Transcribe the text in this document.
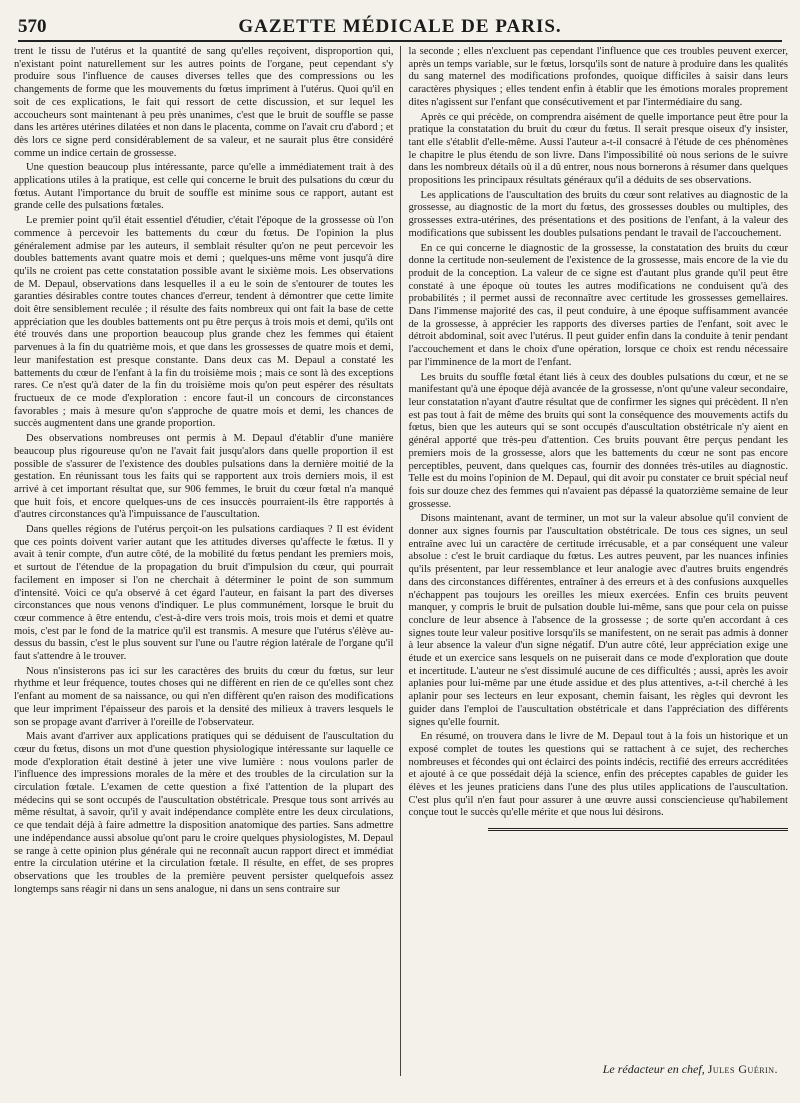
570	GAZETTE MÉDICALE DE PARIS.

trent le tissu de l'utérus et la quantité de sang qu'elles reçoivent, disproportion qui, n'existant point naturellement sur les autres points de l'organe, peut cependant s'y produire sous l'influence de causes diverses telles que des compressions ou les changements de forme que les mouvements du fœtus impriment à l'utérus. Quoi qu'il en soit de ces explications, le fait qui ressort de cette discussion, et sur lequel les accoucheurs sont maintenant à peu près unanimes, c'est que le bruit de souffle se passe dans les artères utérines dilatées et non dans le placenta, comme on l'avait cru d'abord ; et dès lors ce signe perd considérablement de sa valeur, et ne saurait plus être considéré comme un indice certain de grossesse.

Une question beaucoup plus intéressante, parce qu'elle a immédiatement trait à des applications utiles à la pratique, est celle qui concerne le bruit des pulsations du cœur du fœtus. Autant l'importance du bruit de souffle est minime sous ce rapport, autant est grande celle des pulsations fœtales.

Le premier point qu'il était essentiel d'étudier, c'était l'époque de la grossesse où l'on commence à percevoir les battements du cœur du fœtus. De l'opinion la plus généralement admise par les auteurs, il semblait résulter qu'on ne peut percevoir les doubles battements avant quatre mois et demi ; quelques-uns même vont jusqu'à dire qu'ils ne croient pas cette constatation possible avant le sixième mois. Les observations de M. Depaul, observations dans lesquelles il a eu le soin de s'entourer de toutes les garanties désirables contre toutes chances d'erreur, tendent à démontrer que cette limite doit être sensiblement reculée ; il résulte des faits nombreux qui ont fait la base de cette appréciation que les doubles battements ont pu être perçus à trois mois et demi, qu'ils ont été trouvés dans une proportion beaucoup plus grande chez les femmes qui étaient parvenues à la fin du quatrième mois, et que dans les grossesses de quatre mois et demi, leur manifestation est presque constante. Dans deux cas M. Depaul a constaté les battements du cœur de l'enfant à la fin du troisième mois ; mais ce sont là des exceptions rares. Ce n'est qu'à dater de la fin du troisième mois qu'on peut espérer des résultats fructueux de ce mode d'exploration : encore faut-il un concours de circonstances favorables ; mais à mesure qu'on s'approche de quatre mois et demi, les chances de succès augmentent dans une grande proportion.

Des observations nombreuses ont permis à M. Depaul d'établir d'une manière beaucoup plus rigoureuse qu'on ne l'avait fait jusqu'alors dans quelle proportion il est possible de s'assurer de l'existence des doubles pulsations dans la dernière moitié de la gestation. En réunissant tous les faits qui se rapportent aux trois derniers mois, il est arrivé à cet important résultat que, sur 906 femmes, le bruit du cœur fœtal n'a manqué que huit fois, et encore quelques-uns de ces insuccès pourraient-ils être rapportés à d'autres circonstances qu'à l'impuissance de l'auscultation.

Dans quelles régions de l'utérus perçoit-on les pulsations cardiaques ? Il est évident que ces points doivent varier autant que les attitudes diverses qu'affecte le fœtus. Il y avait à tenir compte, d'un autre côté, de la mobilité du fœtus pendant les premiers mois, et surtout de l'étendue de la propagation du bruit d'impulsion du cœur, qui pourrait facilement en imposer si l'on ne cherchait à déterminer le point de son summum d'intensité. Voici ce qu'a observé à cet égard l'auteur, en faisant la part des diverses circonstances que nous venons d'indiquer. Le plus communément, lorsque le bruit du cœur commence à être entendu, c'est-à-dire vers trois mois, trois mois et demi et quatre mois, c'est par le fond de la matrice qu'il est transmis. A mesure que l'utérus s'élève au-dessus du bassin, c'est le plus souvent sur l'une ou l'autre région latérale de l'organe qu'il faut s'attendre à le trouver.

Nous n'insisterons pas ici sur les caractères des bruits du cœur du fœtus, sur leur rhythme et leur fréquence, toutes choses qui ne diffèrent en rien de ce qu'elles sont chez l'enfant au moment de sa naissance, ou qui n'en diffèrent qu'en raison des modifications que leur impriment l'épaisseur des parois et la densité des milieux à travers lesquels le son se propage avant d'arriver à l'oreille de l'observateur.

Mais avant d'arriver aux applications pratiques qui se déduisent de l'auscultation du cœur du fœtus, disons un mot d'une question physiologique intéressante sur laquelle ce mode d'exploration était destiné à jeter une vive lumière : nous voulons parler de l'influence des impressions morales de la mère et des troubles de la circulation sur la circulation fœtale. L'examen de cette question a fixé l'attention de la plupart des médecins qui se sont occupés de l'auscultation obstétricale. Presque tous sont arrivés au même résultat, à savoir, qu'il y avait indépendance complète entre les deux circulations, ce que tendait déjà à faire admettre la disposition anatomique des parties. Sans admettre une indépendance aussi absolue qu'ont paru le croire quelques physiologistes, M. Depaul se range à cette opinion plus générale qui ne reconnaît aucun rapport direct et immédiat entre la circulation utérine et la circulation fœtale. Il résulte, en effet, de ses propres observations que les troubles de la première peuvent persister quelquefois assez longtemps sans réagir ni dans un sens analogue, ni dans un sens contraire sur

la seconde ; elles n'excluent pas cependant l'influence que ces troubles peuvent exercer, après un temps variable, sur le fœtus, lorsqu'ils sont de nature à produire dans les qualités du sang maternel des modifications profondes, quoique difficiles à saisir dans leurs caractères physiques ; elles tendent enfin à établir que les émotions morales proprement dites n'agissent sur l'enfant que consécutivement et par l'intermédiaire du sang.

Après ce qui précède, on comprendra aisément de quelle importance peut être pour la pratique la constatation du bruit du cœur du fœtus. Il serait presque oiseux d'y insister, tant elle s'établit d'elle-même. Aussi l'auteur a-t-il consacré à l'étude de ces phénomènes le chapitre le plus étendu de son livre. Dans l'impossibilité où nous serions de le suivre dans les nombreux détails où il a dû entrer, nous nous bornerons à résumer dans quelques propositions les principaux résultats généraux qu'il a déduits de ses observations.

Les applications de l'auscultation des bruits du cœur sont relatives au diagnostic de la grossesse, au diagnostic de la mort du fœtus, des grossesses doubles ou multiples, des grossesses extra-utérines, des présentations et des positions de l'enfant, à la valeur des modifications que subissent les doubles pulsations pendant le travail de l'accouchement.

En ce qui concerne le diagnostic de la grossesse, la constatation des bruits du cœur donne la certitude non-seulement de l'existence de la grossesse, mais encore de la vie du produit de la conception. La valeur de ce signe est d'autant plus grande qu'il peut être constaté à une époque où toutes les autres modifications ne conduisent qu'à des probabilités ; il permet aussi de reconnaître avec certitude les grossesses gemellaires. Dans l'immense majorité des cas, il peut conduire, à une époque suffisamment avancée de la grossesse, à apprécier les rapports des diverses parties de l'enfant, soit avec le détroit abdominal, soit avec l'utérus. Il peut guider enfin dans la conduite à tenir pendant l'accouchement et dans le choix d'une opération, lorsque ce choix est rendu nécessaire par l'imminence de la mort de l'enfant.

Les bruits du souffle fœtal étant liés à ceux des doubles pulsations du cœur, et ne se manifestant qu'à une époque déjà avancée de la grossesse, n'ont qu'une valeur secondaire, leur constatation n'ayant d'autre résultat que de confirmer les signes qui précèdent. Il n'en est pas tout à fait de même des bruits qui sont la conséquence des mouvements actifs du fœtus, bien que les auteurs qui se sont occupés d'auscultation obstétricale n'y aient en général apporté que très-peu d'attention. Ces bruits pouvant être perçus pendant les premiers mois de la grossesse, alors que les battements du cœur ne sont pas encore perceptibles, peuvent, dans quelques cas, fournir des données très-utiles au diagnostic. Telle est du moins l'opinion de M. Depaul, qui dit avoir pu constater ce bruit spécial neuf fois sur douze chez des femmes qui n'avaient pas dépassé la quatorzième semaine de leur grossesse.

Disons maintenant, avant de terminer, un mot sur la valeur absolue qu'il convient de donner aux signes fournis par l'auscultation obstétricale. De tous ces signes, un seul entraîne avec lui un caractère de certitude irrécusable, et a par conséquent une valeur absolue : c'est le bruit cardiaque du fœtus. Les autres peuvent, par les nuances infinies qu'ils présentent, par leur ressemblance et leur analogie avec d'autres bruits engendrés dans des circonstances différentes, entraîner à des erreurs et à des confusions auxquelles n'échappent pas toujours les oreilles les mieux exercées. Enfin ces bruits peuvent manquer, y compris le bruit de pulsation double lui-même, sans que pour cela on puisse conclure de leur absence à l'absence de la grossesse ; de sorte qu'en accordant à ces signes toute leur valeur positive lorsqu'ils se manifestent, on ne serait pas admis à donner à leur absence la valeur d'un signe négatif. D'un autre côté, leur appréciation exige une étude et un exercice sans lesquels on ne puiserait dans ce mode d'exploration que doute et incertitude. L'auteur ne s'est dissimulé aucune de ces difficultés ; aussi, après les avoir aplanies pour lui-même par une étude assidue et des plus attentives, a-t-il cherché à les aplanir pour ses lecteurs en leur exposant, chemin faisant, les règles qui devront les guider dans l'emploi de l'auscultation obstétricale et dans l'appréciation des différents signes qu'elle fournit.

En résumé, on trouvera dans le livre de M. Depaul tout à la fois un historique et un exposé complet de toutes les questions qui se rattachent à ce sujet, des recherches nombreuses et fécondes qui ont éclairci des points indécis, rectifié des erreurs accréditées et ajouté à ce que possédait déjà la science, enfin des préceptes capables de guider les élèves et les jeunes praticiens dans l'une des plus utiles applications de l'auscultation. C'est plus qu'il n'en faut pour assurer à une œuvre aussi consciencieuse qu'habilement conçue tout le succès qu'elle mérite et que nous lui désirons.

Le rédacteur en chef, Jules Guérin.
